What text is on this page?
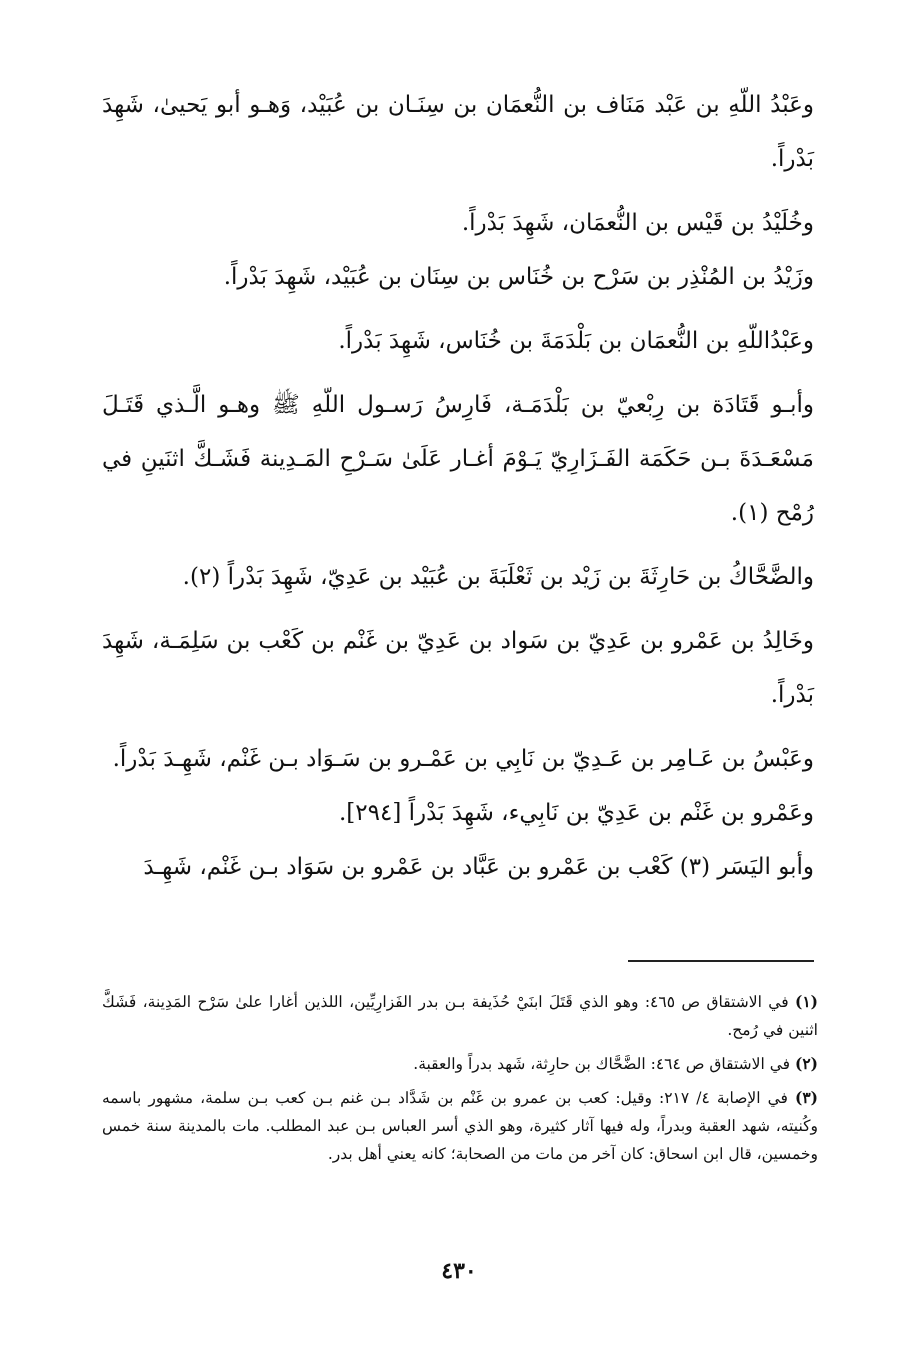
وعَبْدُ اللّهِ بن عَبْد مَنَاف بن النُّعمَان بن سِنَـان بن عُبَيْد، وَهـو أبو يَحيىٰ، شَهِدَ بَدْراً.

وخُلَيْدُ بن قَيْس بن النُّعمَان، شَهِدَ بَدْراً.

وزَيْدُ بن المُنْذِر بن سَرْح بن خُنَاس بن سِنَان بن عُبَيْد، شَهِدَ بَدْراً.

وعَبْدُاللّهِ بن النُّعمَان بن بَلْدَمَةَ بن خُنَاس، شَهِدَ بَدْراً.

وأبـو قَتَادَة بن رِبْعيّ بن بَلْدَمَـة، فَارِسُ رَسـول اللّهِ ﷺ وهـو الَّـذي قَتَـلَ مَسْعَـدَةَ بـن حَكَمَة الفَـزَارِيّ يَـوْمَ أغـار عَلَىٰ سَـرْحِ المَـدِينة فَشَـكَّ اثنَينِ في رُمْح (١).

والضَّحَّاكُ بن حَارِثَةَ بن زَيْد بن ثَعْلَبَةَ بن عُبَيْد بن عَدِيّ، شَهِدَ بَدْراً (٢).

وخَالِدُ بن عَمْرو بن عَدِيّ بن سَواد بن عَدِيّ بن غَنْم بن كَعْب بن سَلِمَـة، شَهِدَ بَدْراً.

وعَبْسُ بن عَـامِر بن عَـدِيّ بن نَابِي بن عَمْـرو بن سَـوَاد بـن غَنْم، شَهِـدَ بَدْراً.

وعَمْرو بن غَنْم بن عَدِيّ بن نَابِيء، شَهِدَ بَدْراً [٢٩٤].

وأبو اليَسَر (٣) كَعْب بن عَمْرو بن عَبَّاد بن عَمْرو بن سَوَاد بـن غَنْم، شَهِـدَ

(١) في الاشتقاق ص ٤٦٥: وهو الذي قَتَلَ ابنَيْ حُذَيفة بـن بدر الفَزارِيِّين، اللذين أغارا علىٰ سَرْح المَدِينة، فَشَكَّ اثنين في رُمح.

(٢) في الاشتقاق ص ٤٦٤: الضَّحَّاك بن حارِثة، شَهد بدراً والعقبة.

(٣) في الإصابة ٤/ ٢١٧: وقيل: كعب بن عمرو بن غَنْم بن شَدَّاد بـن غنم بـن كعب بـن سلمة، مشهور باسمه وكُنيته، شهد العقبة وبدراً، وله فيها آثار كثيرة، وهو الذي أسر العباس بـن عبد المطلب. مات بالمدينة سنة خمس وخمسين، قال ابن اسحاق: كان آخر من مات من الصحابة؛ كانه يعني أهل بدر.

٤٣٠
